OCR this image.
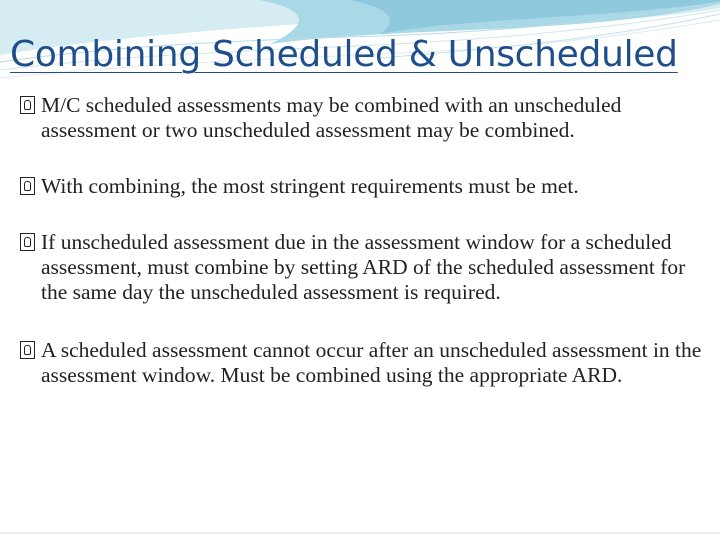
Combining Scheduled & Unscheduled

M/C scheduled assessments may be combined with an unscheduled assessment or two unscheduled assessment may be combined.

With combining, the most stringent requirements must be met.

If unscheduled assessment due in the assessment window for a scheduled assessment, must combine by setting ARD of the scheduled assessment for the same day the unscheduled assessment is required.

A scheduled assessment cannot occur after an unscheduled assessment in the assessment window. Must be combined using the appropriate ARD.
